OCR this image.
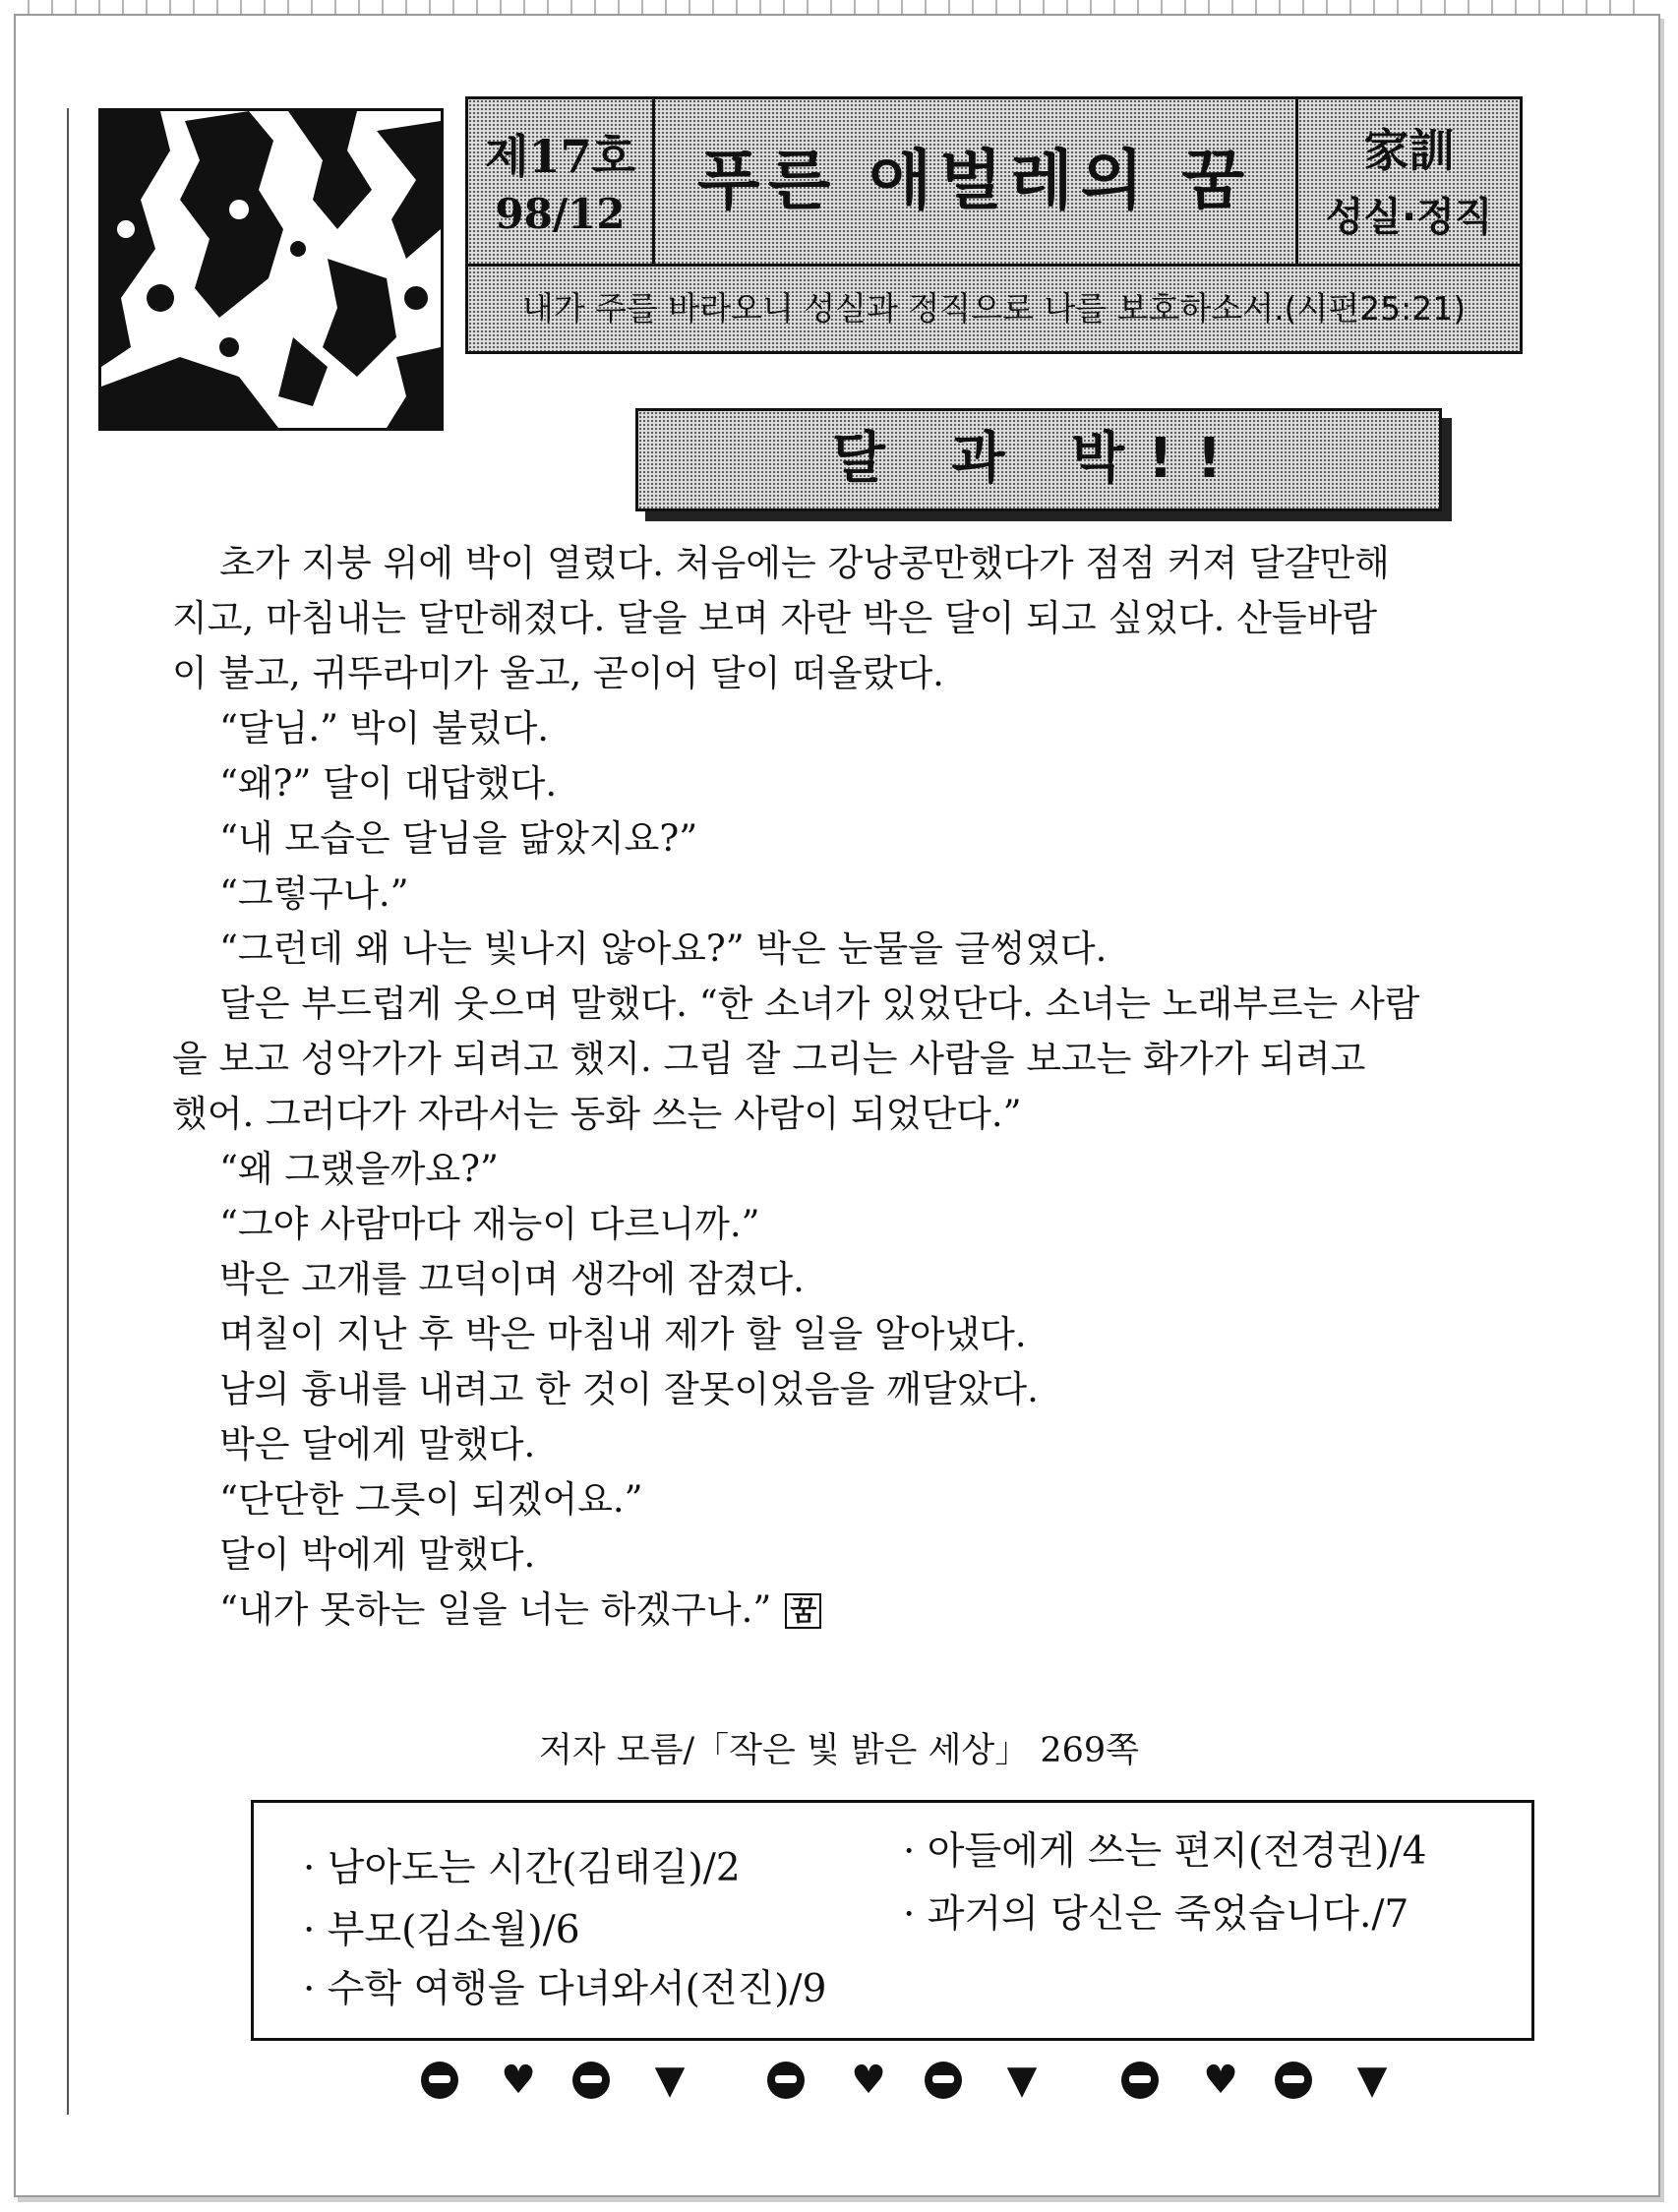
제17호
98/12	푸른 애벌레의 꿈	家訓
성실·정직
내가 주를 바라오니 성실과 정직으로 나를 보호하소서.(시편25:21)
달 과 박!!

초가 지붕 위에 박이 열렸다. 처음에는 강낭콩만했다가 점점 커져 달걀만해

지고, 마침내는 달만해졌다. 달을 보며 자란 박은 달이 되고 싶었다. 산들바람

이 불고, 귀뚜라미가 울고, 곧이어 달이 떠올랐다.

“달님.” 박이 불렀다.

“왜?” 달이 대답했다.

“내 모습은 달님을 닮았지요?”

“그렇구나.”

“그런데 왜 나는 빛나지 않아요?” 박은 눈물을 글썽였다.

달은 부드럽게 웃으며 말했다. “한 소녀가 있었단다. 소녀는 노래부르는 사람

을 보고 성악가가 되려고 했지. 그림 잘 그리는 사람을 보고는 화가가 되려고

했어. 그러다가 자라서는 동화 쓰는 사람이 되었단다.”

“왜 그랬을까요?”

“그야 사람마다 재능이 다르니까.”

박은 고개를 끄덕이며 생각에 잠겼다.

며칠이 지난 후 박은 마침내 제가 할 일을 알아냈다.

남의 흉내를 내려고 한 것이 잘못이었음을 깨달았다.

박은 달에게 말했다.

“단단한 그릇이 되겠어요.”

달이 박에게 말했다.

“내가 못하는 일을 너는 하겠구나.” 꿈

저자 모름/「작은 빛 밝은 세상」 269쪽
· 남아도는 시간(김태길)/2	· 아들에게 쓰는 편지(전경권)/4
· 부모(김소월)/6	· 과거의 당신은 죽었습니다./7
· 수학 여행을 다녀와서(전진)/9
♥	▼	♥	▼	♥	▼
